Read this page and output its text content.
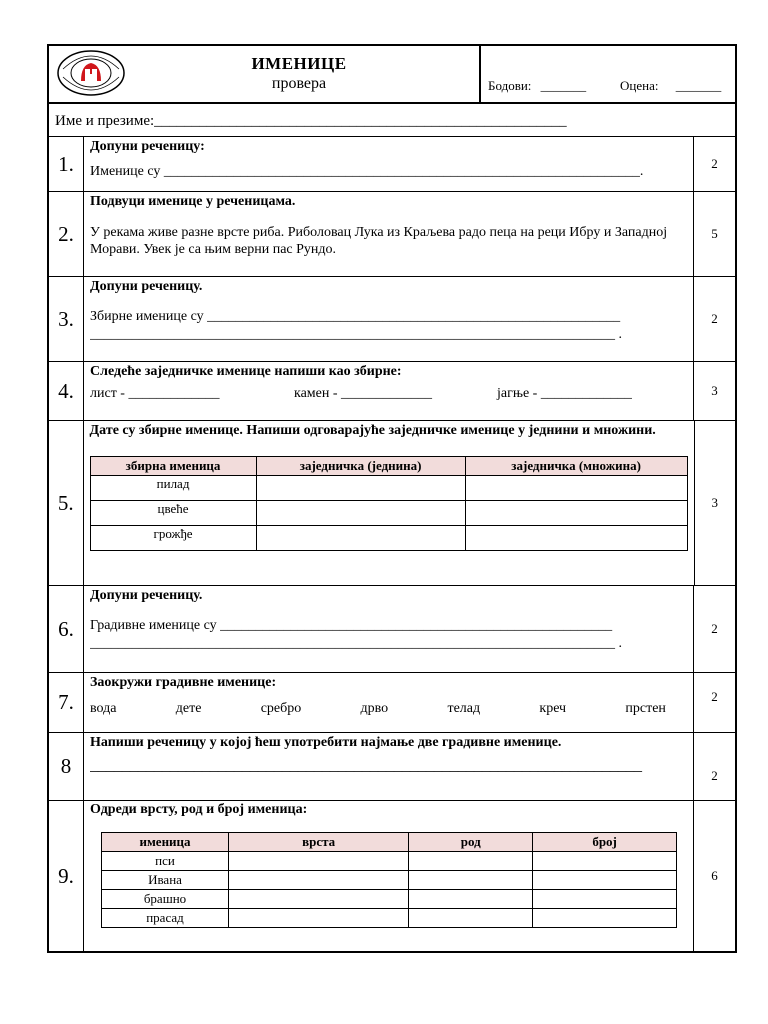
ИМЕНИЦЕ
провера	Бодови: _______	Оцена: _______
Име и презиме:_______________________________________________________
1.
Допуни реченицу:
Именице су ____________________________________________________________________.
2
2.
Подвуци именице у реченицама.
У рекама живе разне врсте риба. Риболовац Лука из Краљева радо пеца на реци Ибру и Западној Морави. Увек је са њим верни пас Рундо.
5
3.
Допуни реченицу.
Збирне именице су ___________________________________________________________
___________________________________________________________________________ .
2
4.
Следеће заједничке именице напиши као збирне:
лист - _____________	камен - _____________	јагње - _____________	3
5.
Дате су збирне именице. Напиши одговарајуће заједничке именице у једнини и множини.
збирна именица	заједничка (једнина)	заједничка (множина)
пилад		
цвеће		
грожђе		
3
6.
Допуни реченицу.
Градивне именице су ________________________________________________________
___________________________________________________________________________ .
2
7.
Заокружи градивне именице:
вода	дете	сребро	дрво	телад	креч	прстен
2
8
Напиши реченицу у којој ћеш употребити најмање две градивне именице.
_____________________________________________________________________
2
9.
Одреди врсту, род и број именица:
именица	врста	род	број
пси			
Ивана			
брашно			
прасад			
6
